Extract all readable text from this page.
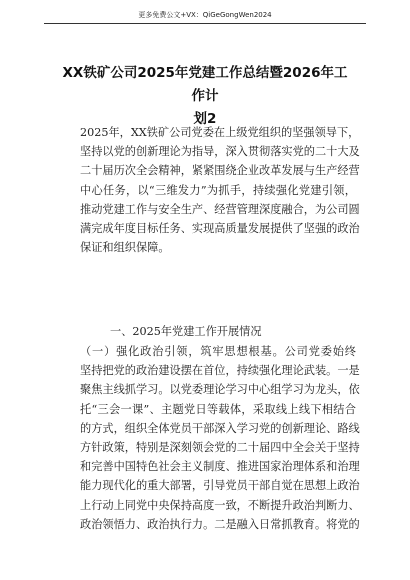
更多免费公文+VX：QiGeGongWen2024
XX铁矿公司2025年党建工作总结暨2026年工作计
划2
2025年，XX铁矿公司党委在上级党组织的坚强领导下，
坚持以党的创新理论为指导，深入贯彻落实党的二十大及
二十届历次全会精神，紧紧围绕企业改革发展与生产经营
中心任务，以“三维发力”为抓手，持续强化党建引领，
推动党建工作与安全生产、经营管理深度融合，为公司圆
满完成年度目标任务、实现高质量发展提供了坚强的政治
保证和组织保障。
一、2025年党建工作开展情况
（一）强化政治引领，筑牢思想根基。公司党委始终
坚持把党的政治建设摆在首位，持续强化理论武装。一是
聚焦主线抓学习。以党委理论学习中心组学习为龙头，依
托“三会一课”、主题党日等载体，采取线上线下相结合
的方式，组织全体党员干部深入学习党的创新理论、路线
方针政策，特别是深刻领会党的二十届四中全会关于坚持
和完善中国特色社会主义制度、推进国家治理体系和治理
能力现代化的重大部署，引导党员干部自觉在思想上政治
上行动上同党中央保持高度一致，不断提升政治判断力、
政治领悟力、政治执行力。二是融入日常抓教育。将党的
